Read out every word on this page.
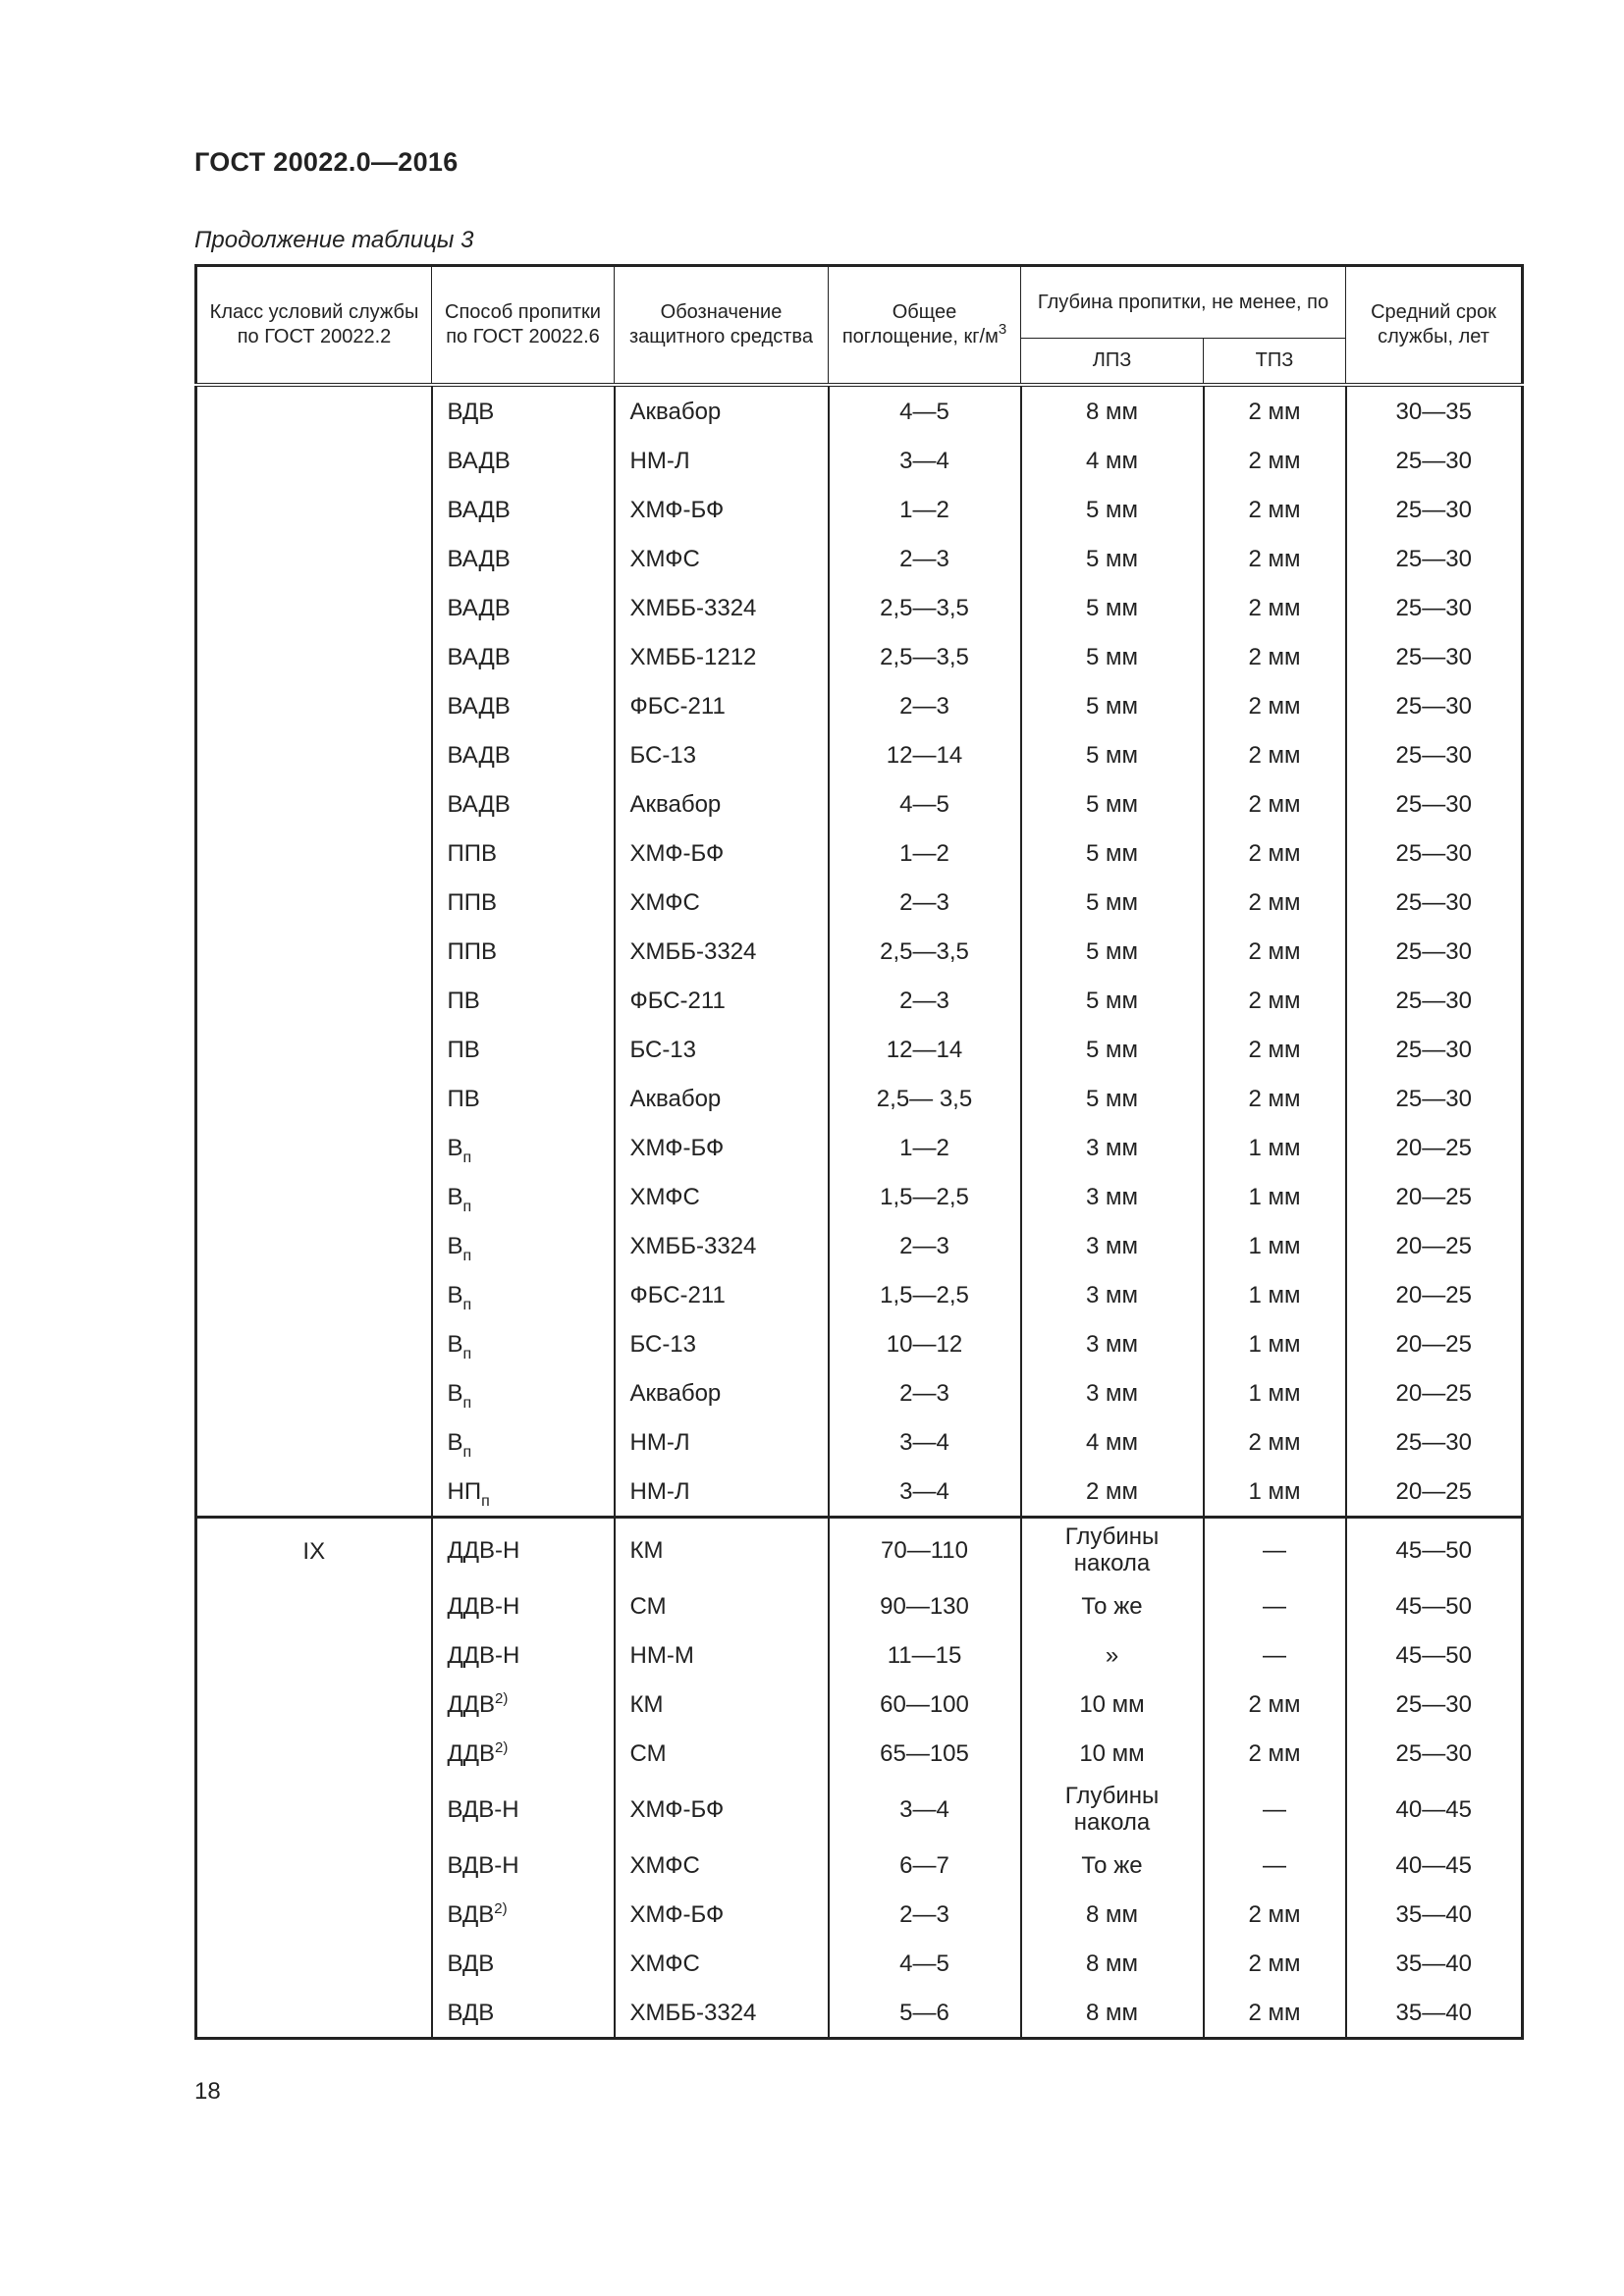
ГОСТ 20022.0—2016
Продолжение таблицы 3
Класс условий службы по ГОСТ 20022.2	Способ пропитки по ГОСТ 20022.6	Обозначение защитного средства	Общее поглощение, $кг/м^3$	Глубина пропитки, не менее, по		Средний срок службы, лет
				ЛПЗ	ТПЗ	
	ВДВ	Аквабор	4—5	8 мм	2 мм	30—35
	ВАДВ	НМ-Л	3—4	4 мм	2 мм	25—30
	ВАДВ	ХМФ-БФ	1—2	5 мм	2 мм	25—30
	ВАДВ	ХМФС	2—3	5 мм	2 мм	25—30
	ВАДВ	ХМББ-3324	2,5—3,5	5 мм	2 мм	25—30
	ВАДВ	ХМББ-1212	2,5—3,5	5 мм	2 мм	25—30
	ВАДВ	ФБС-211	2—3	5 мм	2 мм	25—30
	ВАДВ	БС-13	12—14	5 мм	2 мм	25—30
	ВАДВ	Аквабор	4—5	5 мм	2 мм	25—30
	ППВ	ХМФ-БФ	1—2	5 мм	2 мм	25—30
	ППВ	ХМФС	2—3	5 мм	2 мм	25—30
	ППВ	ХМББ-3324	2,5—3,5	5 мм	2 мм	25—30
	ПВ	ФБС-211	2—3	5 мм	2 мм	25—30
	ПВ	БС-13	12—14	5 мм	2 мм	25—30
	ПВ	Аквабор	2,5— 3,5	5 мм	2 мм	25—30
	$В_п$	ХМФ-БФ	1—2	3 мм	1 мм	20—25
	$В_п$	ХМФС	1,5—2,5	3 мм	1 мм	20—25
	$В_п$	ХМББ-3324	2—3	3 мм	1 мм	20—25
	$В_п$	ФБС-211	1,5—2,5	3 мм	1 мм	20—25
	$В_п$	БС-13	10—12	3 мм	1 мм	20—25
	$В_п$	Аквабор	2—3	3 мм	1 мм	20—25
	$В_п$	НМ-Л	3—4	4 мм	2 мм	25—30
	$НП_п$	НМ-Л	3—4	2 мм	1 мм	20—25
IX	ДДВ-Н	КМ	70—110	Глубины накола	—	45—50
	ДДВ-Н	СМ	90—130	То же	—	45—50
	ДДВ-Н	НМ-М	11—15	»	—	45—50
	ДДВ$^{2)}$	КМ	60—100	10 мм	2 мм	25—30
	ДДВ$^{2)}$	СМ	65—105	10 мм	2 мм	25—30
	ВДВ-Н	ХМФ-БФ	3—4	Глубины накола	—	40—45
	ВДВ-Н	ХМФС	6—7	То же	—	40—45
	ВДВ$^{2)}$	ХМФ-БФ	2—3	8 мм	2 мм	35—40
	ВДВ	ХМФС	4—5	8 мм	2 мм	35—40
	ВДВ	ХМББ-3324	5—6	8 мм	2 мм	35—40
18
